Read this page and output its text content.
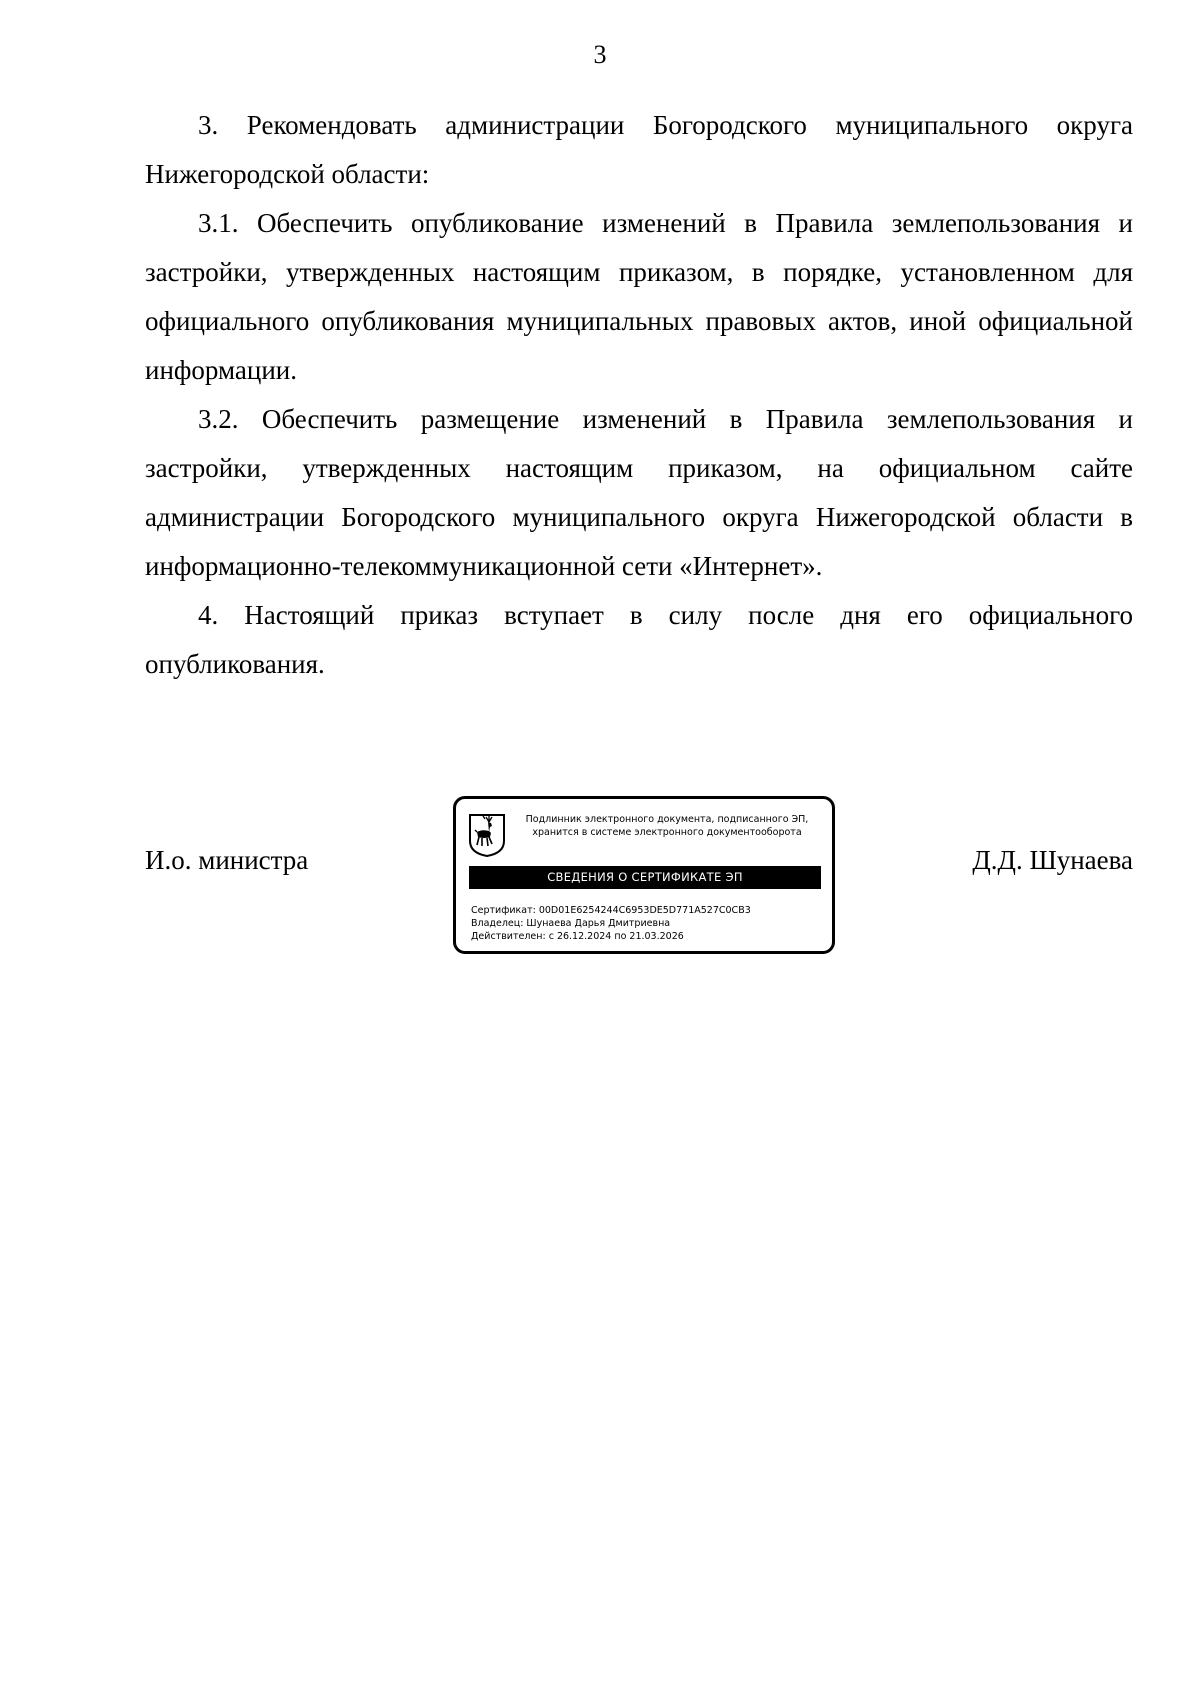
3

3. Рекомендовать администрации Богородского муниципального округа Нижегородской области:

3.1. Обеспечить опубликование изменений в Правила землепользования и застройки, утвержденных настоящим приказом, в порядке, установленном для официального опубликования муниципальных правовых актов, иной официальной информации.

3.2. Обеспечить размещение изменений в Правила землепользования и застройки, утвержденных настоящим приказом, на официальном сайте администрации Богородского муниципального округа Нижегородской области в информационно-телекоммуникационной сети «Интернет».

4. Настоящий приказ вступает в силу после дня его официального опубликования.

И.о. министра
Подлинник электронного документа, подписанного ЭП,
хранится в системе электронного документооборота
СВЕДЕНИЯ О СЕРТИФИКАТЕ ЭП
Сертификат: 00D01E6254244C6953DE5D771A527C0CB3
Владелец: Шунаева Дарья Дмитриевна
Действителен: с 26.12.2024 по 21.03.2026
Д.Д. Шунаева
